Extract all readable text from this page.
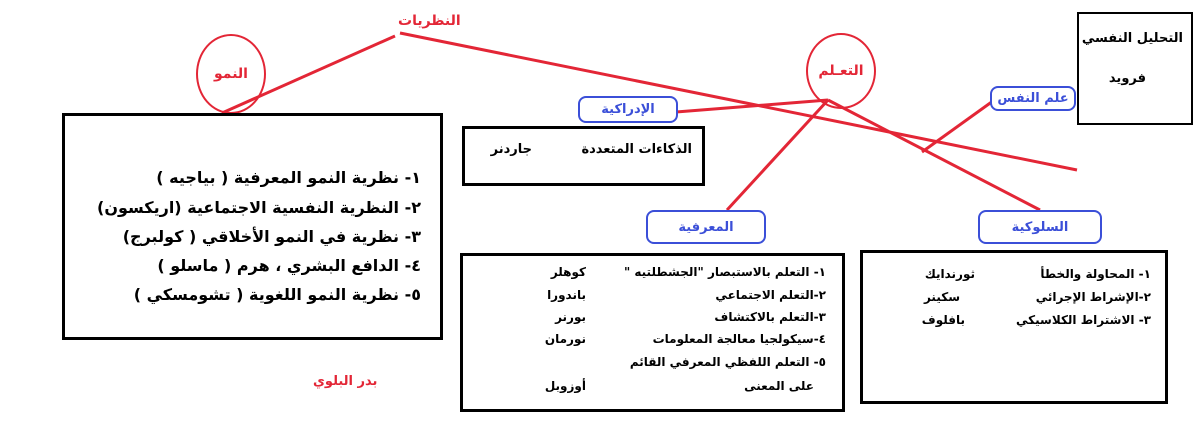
النظريات
النمو
١- نظرية النمو المعرفية ( بياجيه )
٢- النظرية النفسية الاجتماعية (اريكسون)
٣- نظرية في النمو الأخلاقي ( كولبرج)
٤- الدافع البشري ، هرم ( ماسلو )
٥- نظرية النمو اللغوية ( تشومسكي )
بدر البلوي
التعـلم
الإدراكية
الذكاءات المتعددة
جاردنر
علم النفس
التحليل النفسي
فرويد
المعرفية
١- التعلم بالاستبصار "الجشطلتيه "
كوهلر
٢-التعلم الاجتماعي
باندورا
٣-التعلم بالاكتشاف
بورنر
٤-سيكولجيا معالجة المعلومات
نورمان
٥- التعلم اللفظي المعرفي القائم
على المعنى
أوزوبل
السلوكية
١- المحاولة والخطأ
ثورندايك
٢-الإشراط الإجرائي
سكينر
٣- الاشتراط الكلاسيكي
بافلوف
